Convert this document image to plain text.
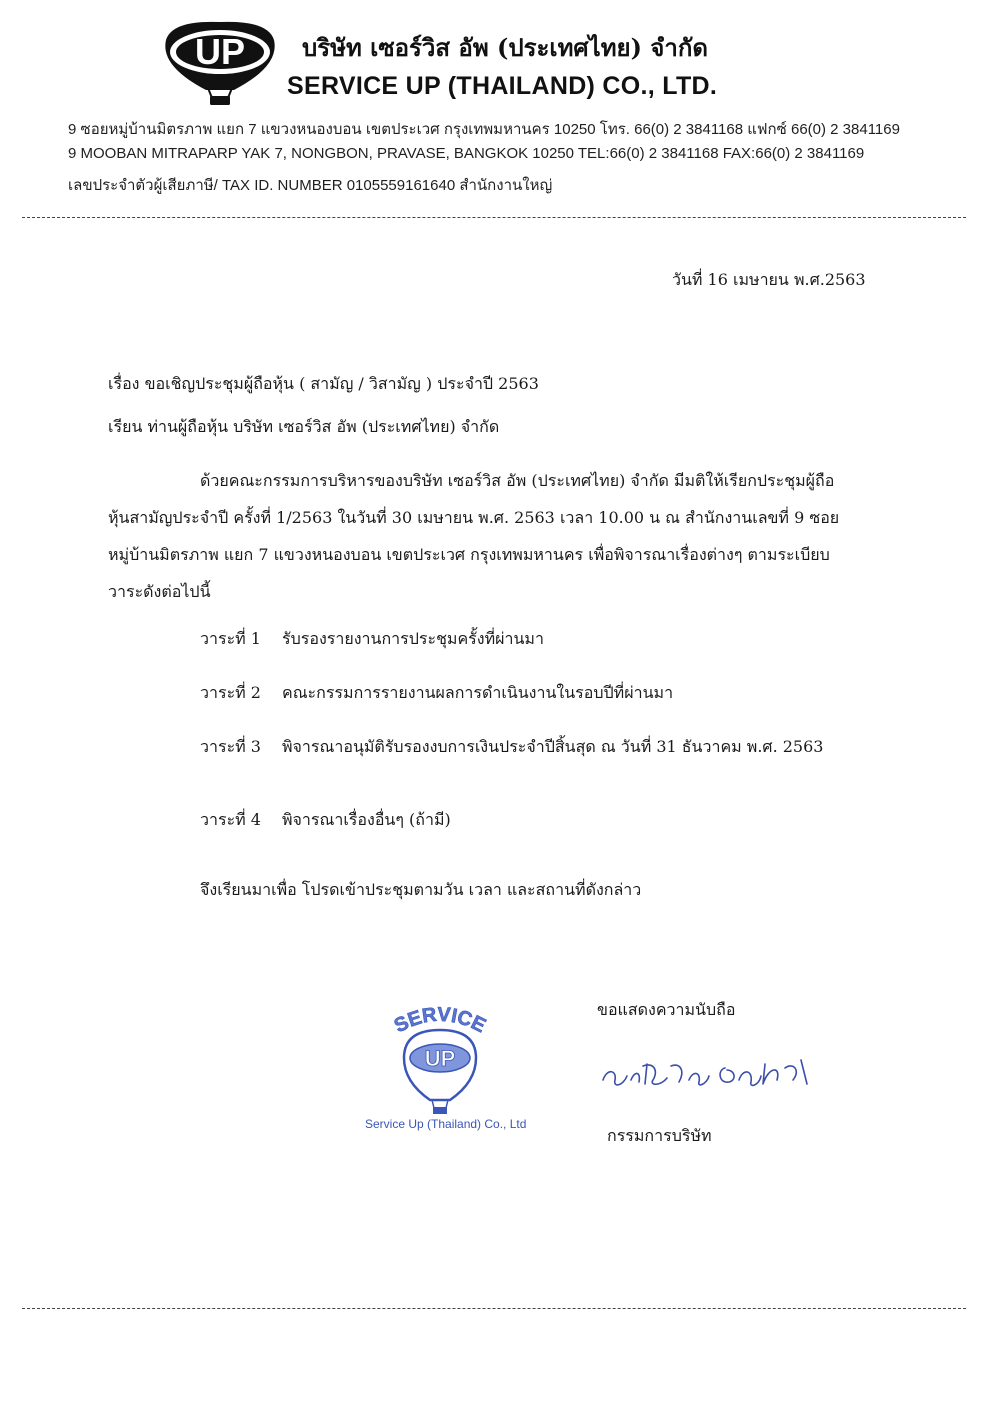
UP บริษัท เซอร์วิส อัพ (ประเทศไทย) จำกัด
SERVICE UP (THAILAND) CO., LTD.
9 ซอยหมู่บ้านมิตรภาพ แยก 7 แขวงหนองบอน เขตประเวศ กรุงเทพมหานคร 10250 โทร. 66(0) 2 3841168 แฟกซ์ 66(0) 2 3841169
9 MOOBAN MITRAPARP YAK 7, NONGBON, PRAVASE, BANGKOK 10250 TEL:66(0) 2 3841168 FAX:66(0) 2 3841169
เลขประจำตัวผู้เสียภาษี/ TAX ID. NUMBER 0105559161640 สำนักงานใหญ่
วันที่ 16 เมษายน พ.ศ.2563
เรื่อง ขอเชิญประชุมผู้ถือหุ้น ( สามัญ / วิสามัญ ) ประจำปี 2563
เรียน ท่านผู้ถือหุ้น บริษัท เซอร์วิส อัพ (ประเทศไทย) จำกัด
ด้วยคณะกรรมการบริหารของบริษัท เซอร์วิส อัพ (ประเทศไทย) จำกัด มีมติให้เรียกประชุมผู้ถือ
หุ้นสามัญประจำปี ครั้งที่ 1/2563 ในวันที่ 30 เมษายน พ.ศ. 2563 เวลา 10.00 น ณ สำนักงานเลขที่ 9 ซอย
หมู่บ้านมิตรภาพ แยก 7 แขวงหนองบอน เขตประเวศ กรุงเทพมหานคร เพื่อพิจารณาเรื่องต่างๆ ตามระเบียบ
วาระดังต่อไปนี้
วาระที่ 1 รับรองรายงานการประชุมครั้งที่ผ่านมา
วาระที่ 2 คณะกรรมการรายงานผลการดำเนินงานในรอบปีที่ผ่านมา
วาระที่ 3 พิจารณาอนุมัติรับรองงบการเงินประจำปีสิ้นสุด ณ วันที่ 31 ธันวาคม พ.ศ. 2563
วาระที่ 4 พิจารณาเรื่องอื่นๆ (ถ้ามี)
จึงเรียนมาเพื่อ โปรดเข้าประชุมตามวัน เวลา และสถานที่ดังกล่าว
SERVICE
UP
Service Up (Thailand) Co., Ltd
ขอแสดงความนับถือ
กรรมการบริษัท
